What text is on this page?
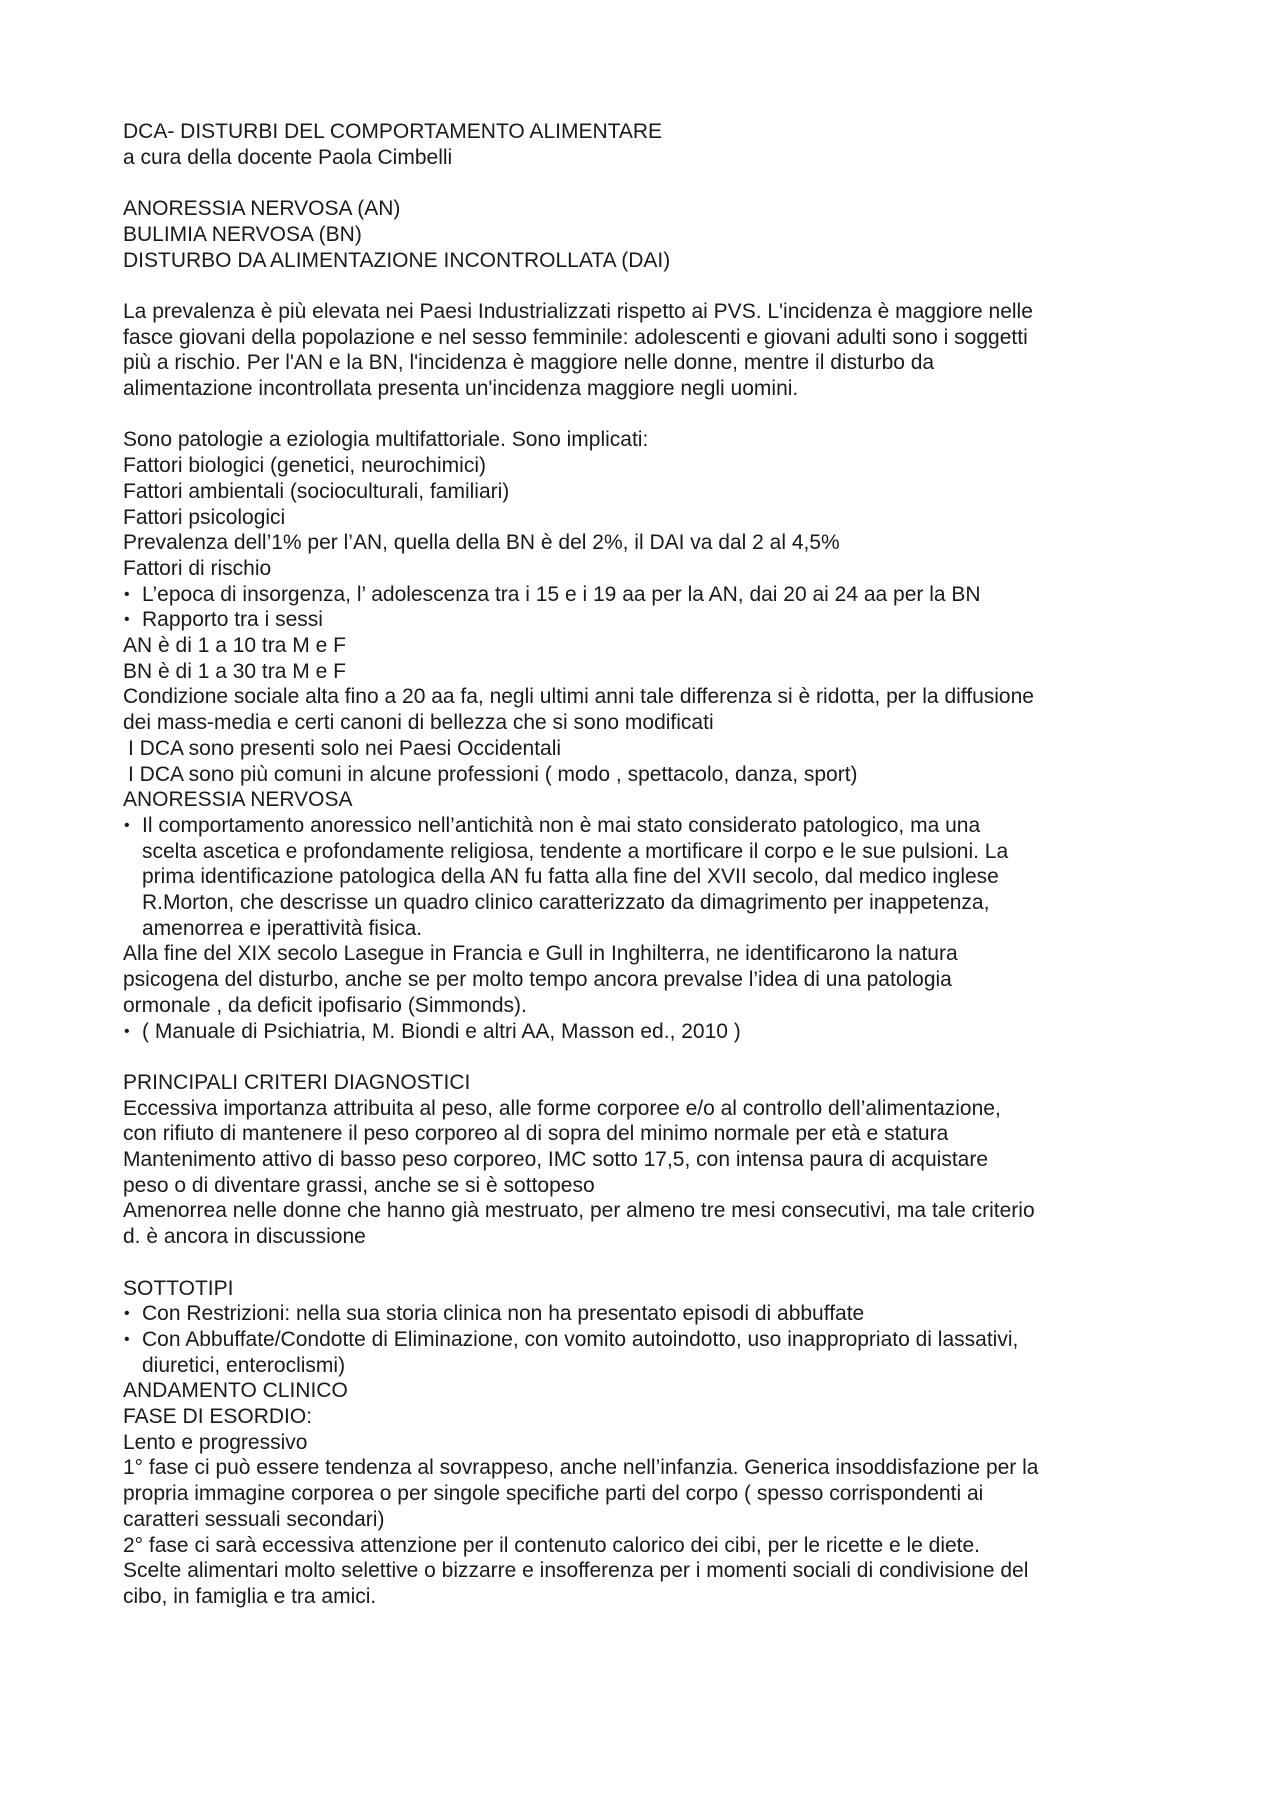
DCA- DISTURBI DEL COMPORTAMENTO ALIMENTARE
a cura della docente Paola Cimbelli
ANORESSIA NERVOSA (AN)
BULIMIA NERVOSA (BN)
DISTURBO DA ALIMENTAZIONE INCONTROLLATA (DAI)
La prevalenza è più elevata nei Paesi Industrializzati rispetto ai PVS. L'incidenza è maggiore nelle
fasce giovani della popolazione e nel sesso femminile: adolescenti e giovani adulti sono i soggetti
più a rischio. Per l'AN e la BN, l'incidenza è maggiore nelle donne, mentre il disturbo da
alimentazione incontrollata presenta un'incidenza maggiore negli uomini.
Sono patologie a eziologia multifattoriale. Sono implicati:
Fattori biologici (genetici, neurochimici)
Fattori ambientali (socioculturali, familiari)
Fattori psicologici
Prevalenza dell’1% per l’AN, quella della BN è del 2%, il DAI va dal 2 al 4,5%
Fattori di rischio
• L’epoca di insorgenza, l’ adolescenza tra i 15 e i 19 aa per la AN, dai 20 ai 24 aa per la BN
• Rapporto tra i sessi
AN è di 1 a 10 tra M e F
BN è di 1 a 30 tra M e F
Condizione sociale alta fino a 20 aa fa, negli ultimi anni tale differenza si è ridotta, per la diffusione
dei mass-media e certi canoni di bellezza che si sono modificati
I DCA sono presenti solo nei Paesi Occidentali
I DCA sono più comuni in alcune professioni ( modo , spettacolo, danza, sport)
ANORESSIA NERVOSA
• Il comportamento anoressico nell’antichità non è mai stato considerato patologico, ma una
scelta ascetica e profondamente religiosa, tendente a mortificare il corpo e le sue pulsioni. La
prima identificazione patologica della AN fu fatta alla fine del XVII secolo, dal medico inglese
R.Morton, che descrisse un quadro clinico caratterizzato da dimagrimento per inappetenza,
amenorrea e iperattività fisica.
Alla fine del XIX secolo Lasegue in Francia e Gull in Inghilterra, ne identificarono la natura
psicogena del disturbo, anche se per molto tempo ancora prevalse l’idea di una patologia
ormonale , da deficit ipofisario (Simmonds).
• ( Manuale di Psichiatria, M. Biondi e altri AA, Masson ed., 2010 )
PRINCIPALI CRITERI DIAGNOSTICI
Eccessiva importanza attribuita al peso, alle forme corporee e/o al controllo dell’alimentazione,
con rifiuto di mantenere il peso corporeo al di sopra del minimo normale per età e statura
Mantenimento attivo di basso peso corporeo, IMC sotto 17,5, con intensa paura di acquistare
peso o di diventare grassi, anche se si è sottopeso
Amenorrea nelle donne che hanno già mestruato, per almeno tre mesi consecutivi, ma tale criterio
d. è ancora in discussione
SOTTOTIPI
• Con Restrizioni: nella sua storia clinica non ha presentato episodi di abbuffate
• Con Abbuffate/Condotte di Eliminazione, con vomito autoindotto, uso inappropriato di lassativi,
diuretici, enteroclismi)
ANDAMENTO CLINICO
FASE DI ESORDIO:
Lento e progressivo
1° fase ci può essere tendenza al sovrappeso, anche nell’infanzia. Generica insoddisfazione per la
propria immagine corporea o per singole specifiche parti del corpo ( spesso corrispondenti ai
caratteri sessuali secondari)
2° fase ci sarà eccessiva attenzione per il contenuto calorico dei cibi, per le ricette e le diete.
Scelte alimentari molto selettive o bizzarre e insofferenza per i momenti sociali di condivisione del
cibo, in famiglia e tra amici.
